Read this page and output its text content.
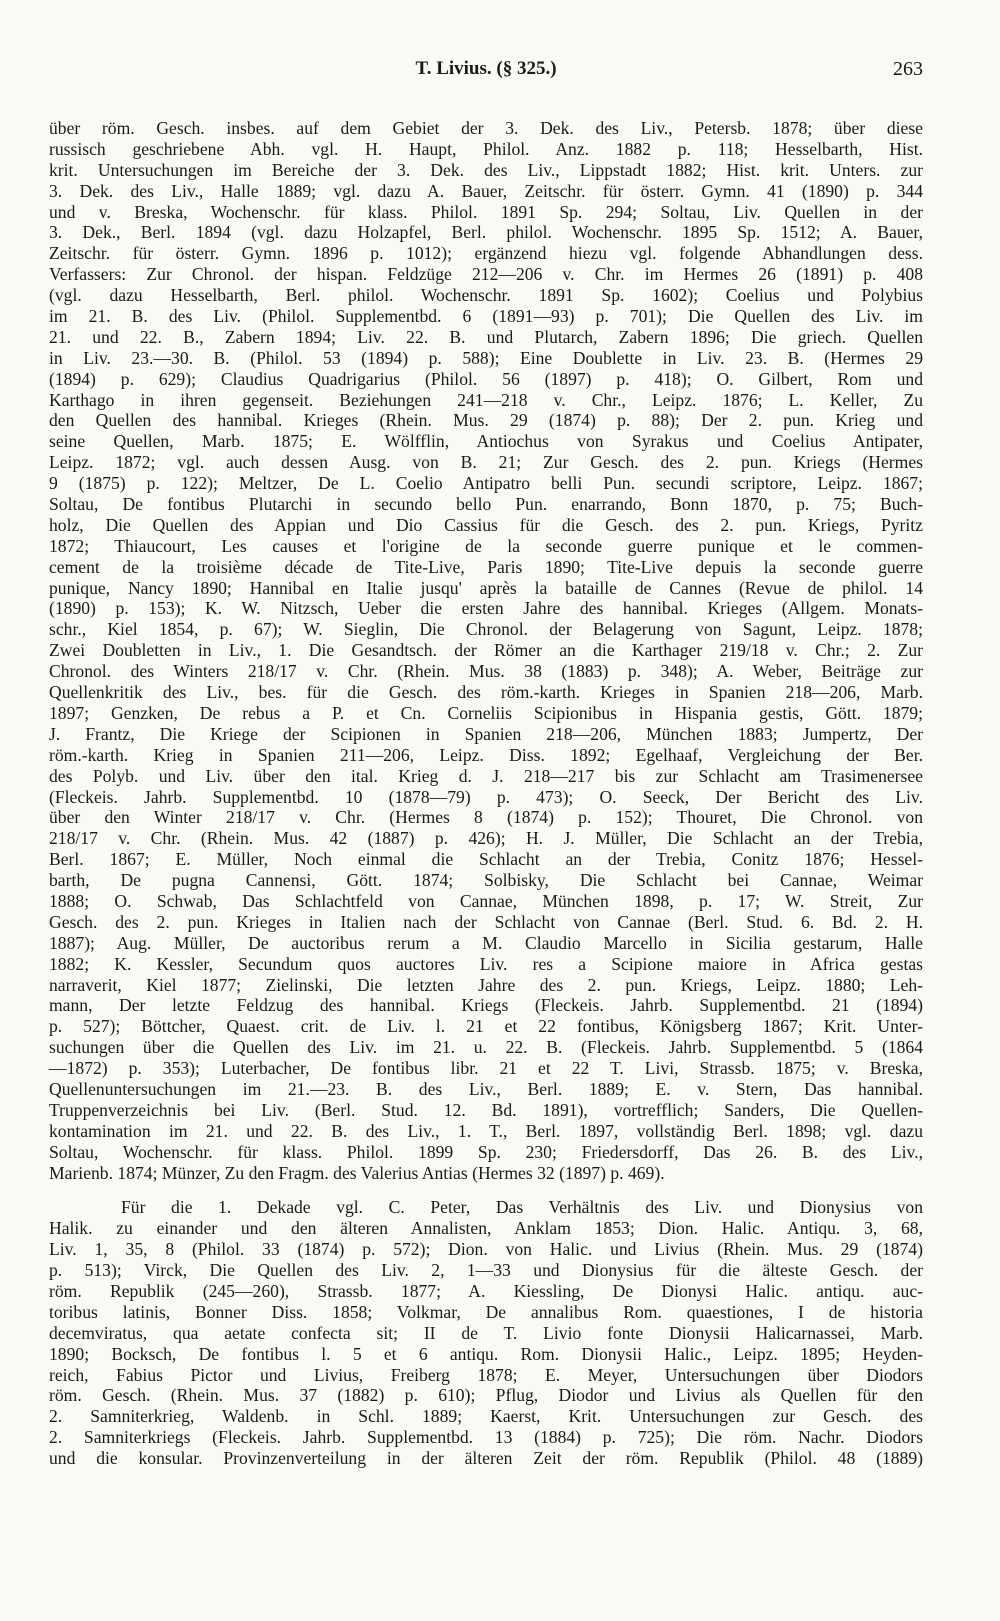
T. Livius. (§ 325.)	263
über röm. Gesch. insbes. auf dem Gebiet der 3. Dek. des Liv., Petersb. 1878; über diese
russisch geschriebene Abh. vgl. H. Haupt, Philol. Anz. 1882 p. 118; Hesselbarth, Hist.
krit. Untersuchungen im Bereiche der 3. Dek. des Liv., Lippstadt 1882; Hist. krit. Unters. zur
3. Dek. des Liv., Halle 1889; vgl. dazu A. Bauer, Zeitschr. für österr. Gymn. 41 (1890) p. 344
und v. Breska, Wochenschr. für klass. Philol. 1891 Sp. 294; Soltau, Liv. Quellen in der
3. Dek., Berl. 1894 (vgl. dazu Holzapfel, Berl. philol. Wochenschr. 1895 Sp. 1512; A. Bauer,
Zeitschr. für österr. Gymn. 1896 p. 1012); ergänzend hiezu vgl. folgende Abhandlungen dess.
Verfassers: Zur Chronol. der hispan. Feldzüge 212—206 v. Chr. im Hermes 26 (1891) p. 408
(vgl. dazu Hesselbarth, Berl. philol. Wochenschr. 1891 Sp. 1602); Coelius und Polybius
im 21. B. des Liv. (Philol. Supplementbd. 6 (1891—93) p. 701); Die Quellen des Liv. im
21. und 22. B., Zabern 1894; Liv. 22. B. und Plutarch, Zabern 1896; Die griech. Quellen
in Liv. 23.—30. B. (Philol. 53 (1894) p. 588); Eine Doublette in Liv. 23. B. (Hermes 29
(1894) p. 629); Claudius Quadrigarius (Philol. 56 (1897) p. 418); O. Gilbert, Rom und
Karthago in ihren gegenseit. Beziehungen 241—218 v. Chr., Leipz. 1876; L. Keller, Zu
den Quellen des hannibal. Krieges (Rhein. Mus. 29 (1874) p. 88); Der 2. pun. Krieg und
seine Quellen, Marb. 1875; E. Wölfflin, Antiochus von Syrakus und Coelius Antipater,
Leipz. 1872; vgl. auch dessen Ausg. von B. 21; Zur Gesch. des 2. pun. Kriegs (Hermes
9 (1875) p. 122); Meltzer, De L. Coelio Antipatro belli Pun. secundi scriptore, Leipz. 1867;
Soltau, De fontibus Plutarchi in secundo bello Pun. enarrando, Bonn 1870, p. 75; Buch-
holz, Die Quellen des Appian und Dio Cassius für die Gesch. des 2. pun. Kriegs, Pyritz
1872; Thiaucourt, Les causes et l'origine de la seconde guerre punique et le commen-
cement de la troisième décade de Tite-Live, Paris 1890; Tite-Live depuis la seconde guerre
punique, Nancy 1890; Hannibal en Italie jusqu' après la bataille de Cannes (Revue de philol. 14
(1890) p. 153); K. W. Nitzsch, Ueber die ersten Jahre des hannibal. Krieges (Allgem. Monats-
schr., Kiel 1854, p. 67); W. Sieglin, Die Chronol. der Belagerung von Sagunt, Leipz. 1878;
Zwei Doubletten in Liv., 1. Die Gesandtsch. der Römer an die Karthager 219/18 v. Chr.; 2. Zur
Chronol. des Winters 218/17 v. Chr. (Rhein. Mus. 38 (1883) p. 348); A. Weber, Beiträge zur
Quellenkritik des Liv., bes. für die Gesch. des röm.-karth. Krieges in Spanien 218—206, Marb.
1897; Genzken, De rebus a P. et Cn. Corneliis Scipionibus in Hispania gestis, Gött. 1879;
J. Frantz, Die Kriege der Scipionen in Spanien 218—206, München 1883; Jumpertz, Der
röm.-karth. Krieg in Spanien 211—206, Leipz. Diss. 1892; Egelhaaf, Vergleichung der Ber.
des Polyb. und Liv. über den ital. Krieg d. J. 218—217 bis zur Schlacht am Trasimenersee
(Fleckeis. Jahrb. Supplementbd. 10 (1878—79) p. 473); O. Seeck, Der Bericht des Liv.
über den Winter 218/17 v. Chr. (Hermes 8 (1874) p. 152); Thouret, Die Chronol. von
218/17 v. Chr. (Rhein. Mus. 42 (1887) p. 426); H. J. Müller, Die Schlacht an der Trebia,
Berl. 1867; E. Müller, Noch einmal die Schlacht an der Trebia, Conitz 1876; Hessel-
barth, De pugna Cannensi, Gött. 1874; Solbisky, Die Schlacht bei Cannae, Weimar
1888; O. Schwab, Das Schlachtfeld von Cannae, München 1898, p. 17; W. Streit, Zur
Gesch. des 2. pun. Krieges in Italien nach der Schlacht von Cannae (Berl. Stud. 6. Bd. 2. H.
1887); Aug. Müller, De auctoribus rerum a M. Claudio Marcello in Sicilia gestarum, Halle
1882; K. Kessler, Secundum quos auctores Liv. res a Scipione maiore in Africa gestas
narraverit, Kiel 1877; Zielinski, Die letzten Jahre des 2. pun. Kriegs, Leipz. 1880; Leh-
mann, Der letzte Feldzug des hannibal. Kriegs (Fleckeis. Jahrb. Supplementbd. 21 (1894)
p. 527); Böttcher, Quaest. crit. de Liv. l. 21 et 22 fontibus, Königsberg 1867; Krit. Unter-
suchungen über die Quellen des Liv. im 21. u. 22. B. (Fleckeis. Jahrb. Supplementbd. 5 (1864
—1872) p. 353); Luterbacher, De fontibus libr. 21 et 22 T. Livi, Strassb. 1875; v. Breska,
Quellenuntersuchungen im 21.—23. B. des Liv., Berl. 1889; E. v. Stern, Das hannibal.
Truppenverzeichnis bei Liv. (Berl. Stud. 12. Bd. 1891), vortrefflich; Sanders, Die Quellen-
kontamination im 21. und 22. B. des Liv., 1. T., Berl. 1897, vollständig Berl. 1898; vgl. dazu
Soltau, Wochenschr. für klass. Philol. 1899 Sp. 230; Friedersdorff, Das 26. B. des Liv.,
Marienb. 1874; Münzer, Zu den Fragm. des Valerius Antias (Hermes 32 (1897) p. 469).
Für die 1. Dekade vgl. C. Peter, Das Verhältnis des Liv. und Dionysius von
Halik. zu einander und den älteren Annalisten, Anklam 1853; Dion. Halic. Antiqu. 3, 68,
Liv. 1, 35, 8 (Philol. 33 (1874) p. 572); Dion. von Halic. und Livius (Rhein. Mus. 29 (1874)
p. 513); Virck, Die Quellen des Liv. 2, 1—33 und Dionysius für die älteste Gesch. der
röm. Republik (245—260), Strassb. 1877; A. Kiessling, De Dionysi Halic. antiqu. auc-
toribus latinis, Bonner Diss. 1858; Volkmar, De annalibus Rom. quaestiones, I de historia
decemviratus, qua aetate confecta sit; II de T. Livio fonte Dionysii Halicarnassei, Marb.
1890; Bocksch, De fontibus l. 5 et 6 antiqu. Rom. Dionysii Halic., Leipz. 1895; Heyden-
reich, Fabius Pictor und Livius, Freiberg 1878; E. Meyer, Untersuchungen über Diodors
röm. Gesch. (Rhein. Mus. 37 (1882) p. 610); Pflug, Diodor und Livius als Quellen für den
2. Samniterkrieg, Waldenb. in Schl. 1889; Kaerst, Krit. Untersuchungen zur Gesch. des
2. Samniterkriegs (Fleckeis. Jahrb. Supplementbd. 13 (1884) p. 725); Die röm. Nachr. Diodors
und die konsular. Provinzenverteilung in der älteren Zeit der röm. Republik (Philol. 48 (1889)
